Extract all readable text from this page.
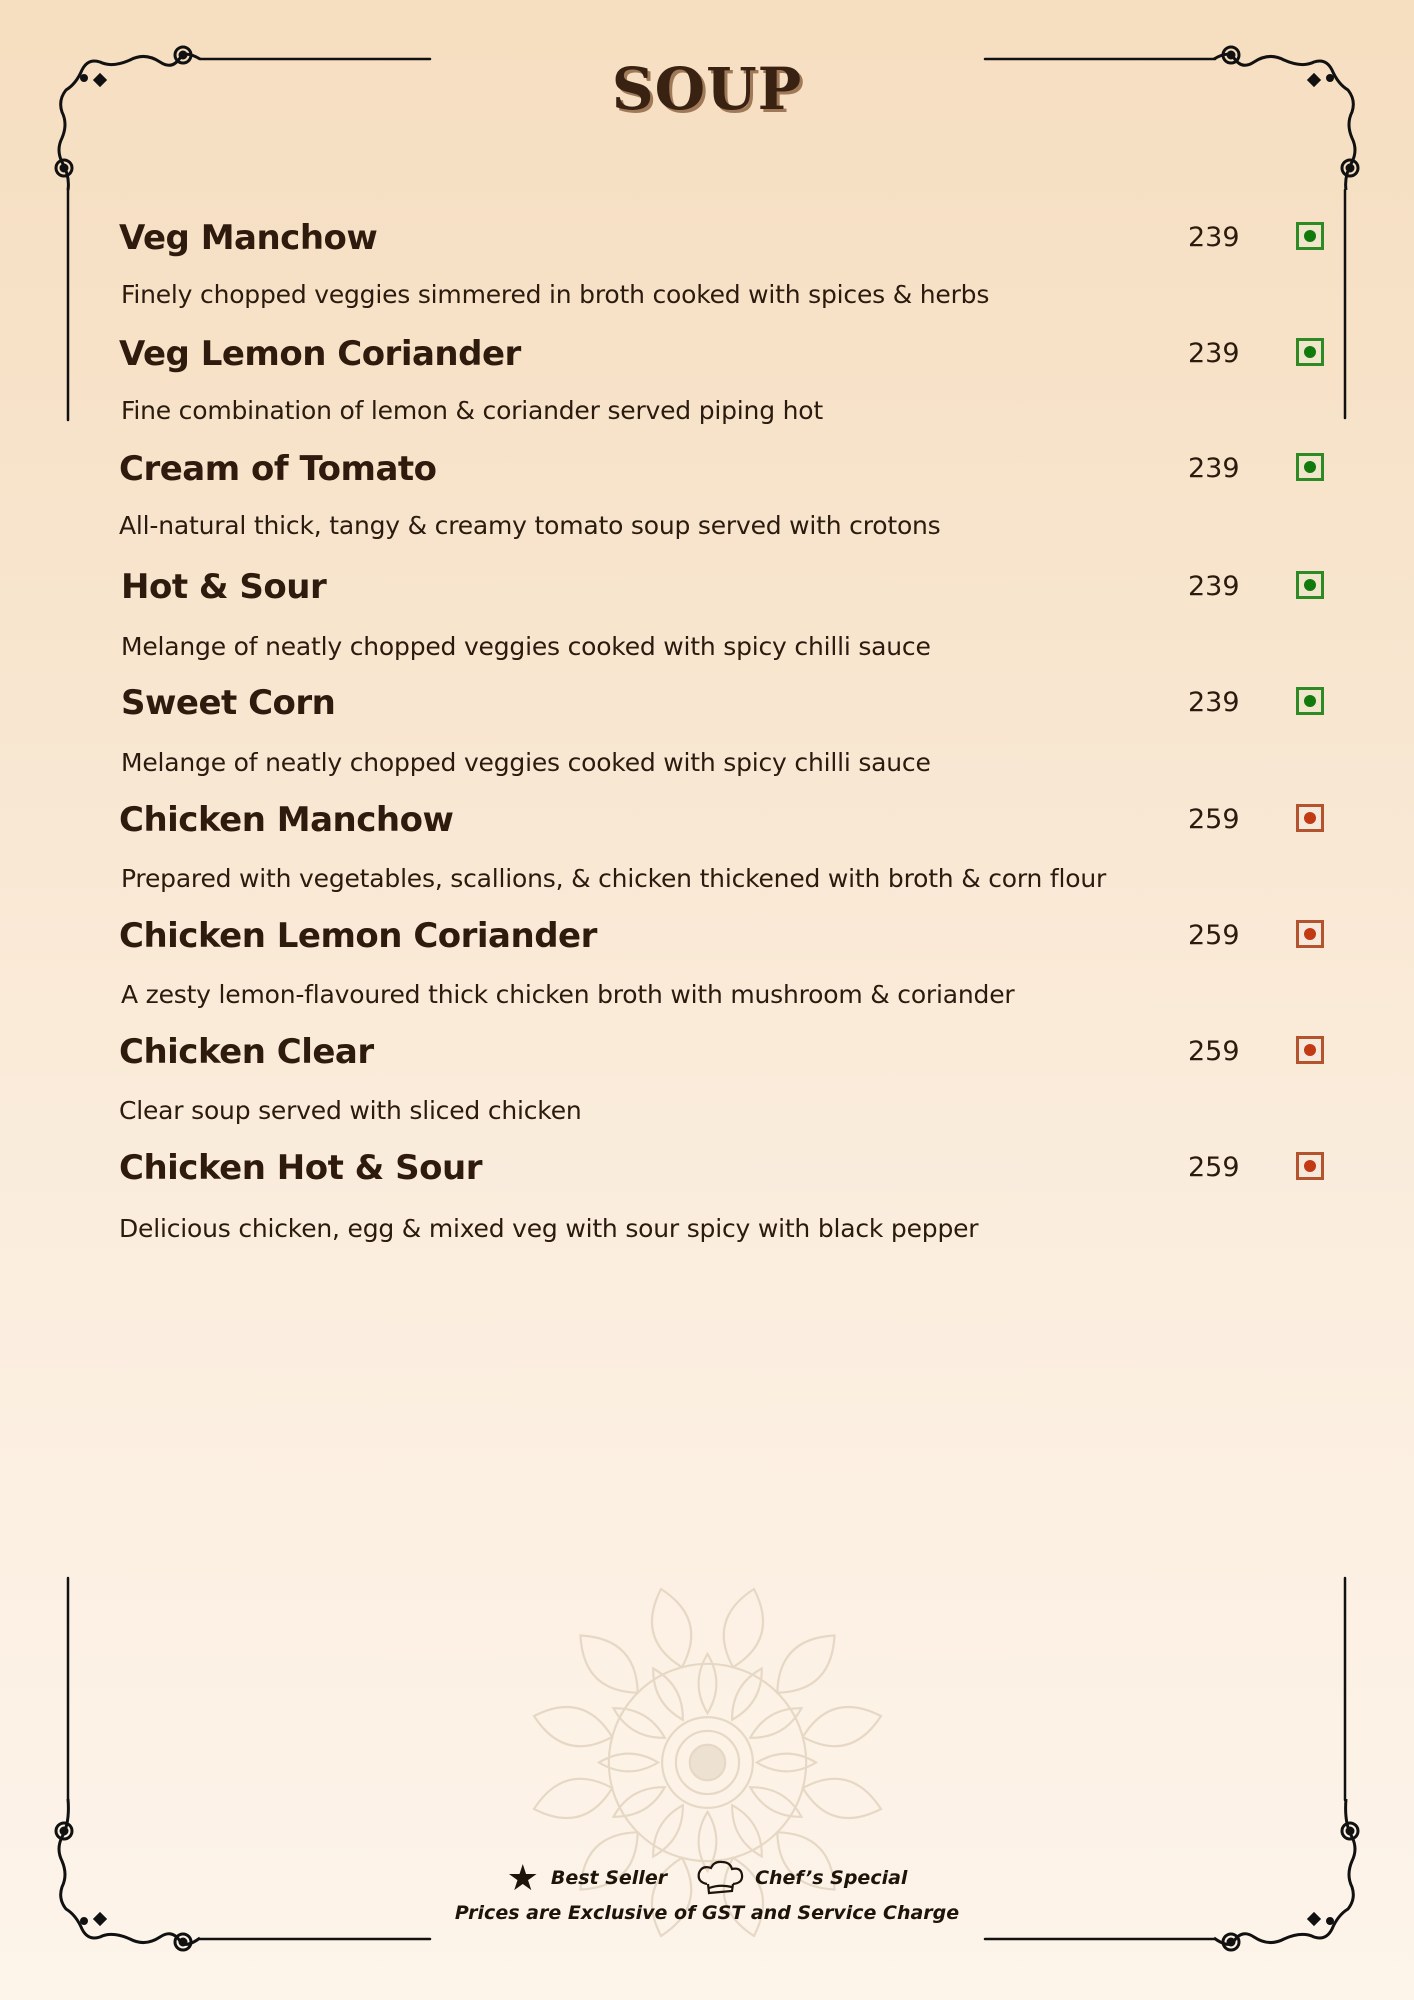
SOUP
Veg Manchow
Finely chopped veggies simmered in broth cooked with spices & herbs
239
Veg Lemon Coriander
Fine combination of lemon & coriander served piping hot
239
Cream of Tomato
All-natural thick, tangy & creamy tomato soup served with crotons
239
Hot & Sour
Melange of neatly chopped veggies cooked with spicy chilli sauce
239
Sweet Corn
Melange of neatly chopped veggies cooked with spicy chilli sauce
239
Chicken Manchow
Prepared with vegetables, scallions, & chicken thickened with broth & corn flour
259
Chicken Lemon Coriander
A zesty lemon-flavoured thick chicken broth with mushroom & coriander
259
Chicken Clear
Clear soup served with sliced chicken
259
Chicken Hot & Sour
Delicious chicken, egg & mixed veg with sour spicy with black pepper
259
★ Best Seller	Chef’s Special
Prices are Exclusive of GST and Service Charge
